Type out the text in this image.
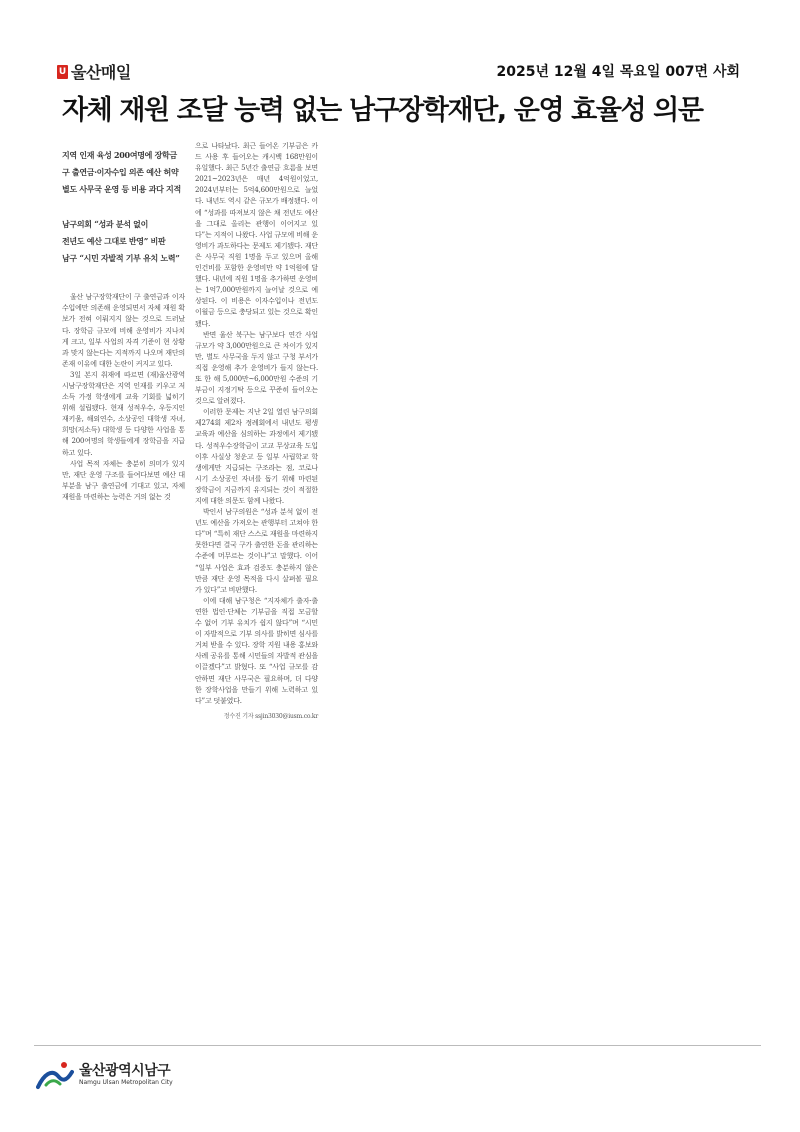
U 울산매일	2025년 12월 4일 목요일 007면 사회
자체 재원 조달 능력 없는 남구장학재단, 운영 효율성 의문
지역 인재 육성 200여명에 장학금
구 출연금·이자수입 의존 예산 허약
별도 사무국 운영 등 비용 과다 지적
남구의회 “성과 분석 없이
전년도 예산 그대로 반영” 비판
남구 “시민 자발적 기부 유치 노력”

울산 남구장학재단이 구 출연금과 이자수입에만 의존해 운영되면서 자체 재원 확보가 전혀 이뤄지지 않는 것으로 드러났다. 장학금 규모에 비해 운영비가 지나치게 크고, 일부 사업의 자격 기준이 현 상황과 맞지 않는다는 지적까지 나오며 재단의 존재 이유에 대한 논란이 커지고 있다.

3일 본지 취재에 따르면 (재)울산광역시남구장학재단은 지역 인재를 키우고 저소득 가정 학생에게 교육 기회를 넓히기 위해 설립됐다. 현재 성적우수, 우등지인재키움, 해외연수, 소상공인 대학생 자녀, 희망(저소득) 대학생 등 다양한 사업을 통해 200여명의 학생들에게 장학금을 지급하고 있다.

사업 목적 자체는 충분히 의미가 있지만, 재단 운영 구조를 들여다보면 예산 대부분을 남구 출연금에 기대고 있고, 자체 재원을 마련하는 능력은 거의 없는 것

으로 나타났다. 최근 들어온 기부금은 카드 사용 후 들어오는 캐시백 168만원이 유일했다. 최근 5년간 출연금 흐름을 보면 2021~2023년은 매년 4억원이었고, 2024년부터는 5억4,600만원으로 늘었다. 내년도 역시 같은 규모가 배정됐다. 이에 “성과를 따져보지 않은 채 전년도 예산을 그대로 올리는 관행이 이어지고 있다”는 지적이 나왔다. 사업 규모에 비해 운영비가 과도하다는 문제도 제기됐다. 재단은 사무국 직원 1명을 두고 있으며 올해 인건비를 포함한 운영비만 약 1억원에 달했다. 내년에 직원 1명을 추가하면 운영비는 1억7,000만원까지 늘어날 것으로 예상된다. 이 비용은 이자수입이나 전년도 이월금 등으로 충당되고 있는 것으로 확인됐다.

반면 울산 북구는 남구보다 연간 사업 규모가 약 3,000만원으로 큰 차이가 있지만, 별도 사무국을 두지 않고 구청 부서가 직접 운영해 추가 운영비가 들지 않는다. 또 한 해 5,000만~6,000만원 수준의 기부금이 지정기탁 등으로 꾸준히 들어오는 것으로 알려졌다.

이러한 문제는 지난 2일 열린 남구의회 제274회 제2차 정례회에서 내년도 평생교육과 예산을 심의하는 과정에서 제기됐다. 성적우수장학금이 고교 무상교육 도입 이후 사실상 청운고 등 일부 사립학교 학생에게만 지급되는 구조라는 점, 코로나 시기 소상공인 자녀를 돕기 위해 마련된 장학금이 지금까지 유지되는 것이 적절한지에 대한 의문도 함께 나왔다.

박인서 남구의원은 “성과 분석 없이 전년도 예산을 가져오는 관행부터 고쳐야 한다”며 “특히 재단 스스로 재원을 마련하지 못한다면 결국 구가 출연한 돈을 관리하는 수준에 머무르는 것이냐”고 말했다. 이어 “일부 사업은 효과 검증도 충분하지 않은 만큼 재단 운영 목적을 다시 살펴볼 필요가 있다”고 비판했다.

이에 대해 남구청은 “지자체가 출자·출연한 법인·단체는 기부금을 직접 모금할 수 없어 기부 유치가 쉽지 않다”며 “시민이 자발적으로 기부 의사를 밝히면 심사를 거쳐 받을 수 있다. 장학 지원 내용 홍보와 사례 공유를 통해 시민들의 자발적 관심을 이끌겠다”고 밝혔다. 또 “사업 규모를 감안하면 재단 사무국은 필요하며, 더 다양한 장학사업을 만들기 위해 노력하고 있다”고 덧붙였다.

정수진 기자 ssjin3030@iusm.co.kr
울산광역시남구
Namgu Ulsan Metropolitan City
